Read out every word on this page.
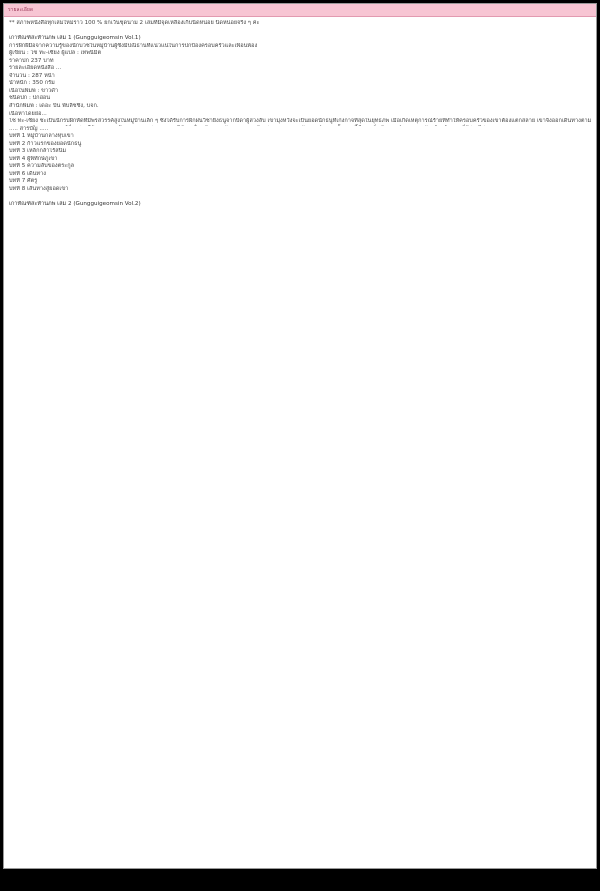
รายละเอียด
** สภาพหนังสือทุกเล่มใหม่ราว 100 % ยกเว้นชุดนาม 2 เล่มที่มีจุดเหลืองเก็บนิดหน่อย นิดหน่อยจริง ๆ ค่ะ
เกาทัณฑ์สะท้านภพ เล่ม 1 (Gungguigeomsin Vol.1)
การฝึกฝีมือจากความรู้ของนักบวชในหมู่บ้านผู้ซึ่งมีปณิธานที่แน่วแน่ในการปกป้องครอบครัวและเพื่อนพ้อง
ผู้เขียน : โซ ทะ-เซียง ผู้แปล : เทพนิมิต
ราคาปก 237 บาท
รายละเอียดหนังสือ ...
จำนวน : 287 หน้า
น้ำหนัก : 350 กรัม
เนื้อในพิมพ์ : ขาวดำ
ชนิดปก : ปกอ่อน
สำนักพิมพ์ : เดอะ บีน พับลิชชิ่ง, บจก.
เนื้อหาโดยย่อ...
โซ ทะ-เซียง ชะเป็นนักรบฝึกหัดที่มีพรสวรรค์สูงในหมู่บ้านเล็ก ๆ ซึ่งได้รับการฝึกฝนวิชายิงธนูจากบิดาผู้ล่วงลับ เขามุ่งหวังจะเป็นยอดนักธนูที่เก่งกาจที่สุดในยุทธภพ เมื่อเกิดเหตุการณ์ร้ายที่ทำให้ครอบครัวของเขาต้องแตกสลาย เขาจึงออกเดินทางตาม
..... สารบัญ .....
บทที่ 1 หมู่บ้านกลางหุบเขา
บทที่ 2 ก้าวแรกของยอดนักธนู
บทที่ 3 เหล็กกล้าไร้สนิม
บทที่ 4 ผู้พิทักษ์ภูเขา
บทที่ 5 ความลับของตระกูล
บทที่ 6 เดินทาง
บทที่ 7 ศัตรู
บทที่ 8 เส้นทางสู่ยอดเขา
เกาทัณฑ์สะท้านภพ เล่ม 2 (Gungguigeomsin Vol.2)
[737x1075] http://upic.me/
